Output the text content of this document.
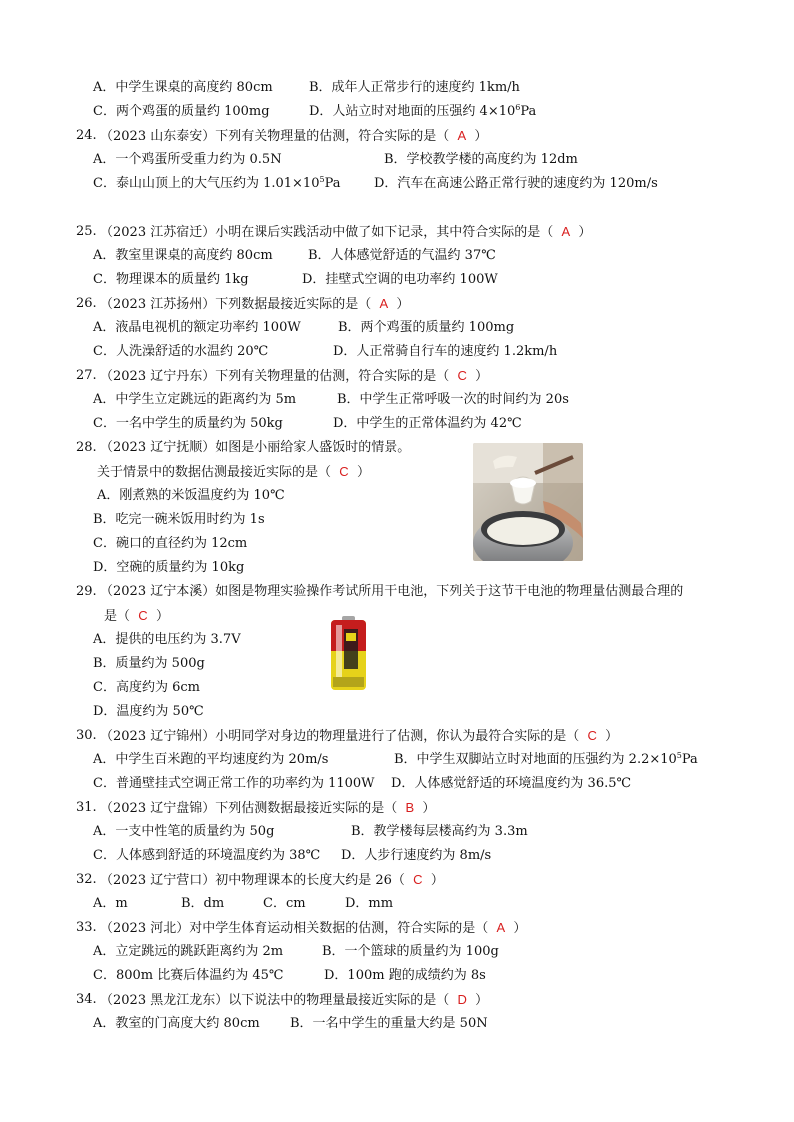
A．中学生课桌的高度约 80cm	B．成年人正常步行的速度约 1km/h
C．两个鸡蛋的质量约 100mg	D．人站立时对地面的压强约 $4\times 10^6Pa$
24. （2023 山东泰安）下列有关物理量的估测，符合实际的是（ A ）
A．一个鸡蛋所受重力约为 0.5N	B．学校教学楼的高度约为 12dm
C．泰山山顶上的大气压约为 $1.01\times 10^5Pa$	D．汽车在高速公路正常行驶的速度约为 120m/s
25. （2023 江苏宿迁）小明在课后实践活动中做了如下记录，其中符合实际的是（ A ）
A．教室里课桌的高度约 80cm	B．人体感觉舒适的气温约 37℃
C．物理课本的质量约 1kg	D．挂壁式空调的电功率约 100W
26. （2023 江苏扬州）下列数据最接近实际的是（ A ）
A．液晶电视机的额定功率约 100W	B．两个鸡蛋的质量约 100mg
C．人洗澡舒适的水温约 20℃	D．人正常骑自行车的速度约 1.2km/h
27. （2023 辽宁丹东）下列有关物理量的估测，符合实际的是（ C ）
A．中学生立定跳远的距离约为 5m	B．中学生正常呼吸一次的时间约为 20s
C．一名中学生的质量约为 50kg	D．中学生的正常体温约为 42℃
28. （2023 辽宁抚顺）如图是小丽给家人盛饭时的情景。
关于情景中的数据估测最接近实际的是（ C ）
A．刚煮熟的米饭温度约为 10℃
B．吃完一碗米饭用时约为 1s
C．碗口的直径约为 12cm
D．空碗的质量约为 10kg
29. （2023 辽宁本溪）如图是物理实验操作考试所用干电池，下列关于这节干电池的物理量估测最合理的
是（ C ）
A．提供的电压约为 3.7V
B．质量约为 500g
C．高度约为 6cm
D．温度约为 50℃
30. （2023 辽宁锦州）小明同学对身边的物理量进行了估测，你认为最符合实际的是（ C ）
A．中学生百米跑的平均速度约为 20m/s	B．中学生双脚站立时对地面的压强约为 $2.2\times 10^5Pa$
C．普通壁挂式空调正常工作的功率约为 1100W D．人体感觉舒适的环境温度约为 36.5℃
31. （2023 辽宁盘锦）下列估测数据最接近实际的是（ B ）
A．一支中性笔的质量约为 50g	B．教学楼每层楼高约为 3.3m
C．人体感到舒适的环境温度约为 38℃ D．人步行速度约为 8m/s
32. （2023 辽宁营口）初中物理课本的长度大约是 26（ C ）
A．m	B．dm	C．cm	D．mm
33. （2023 河北）对中学生体育运动相关数据的估测，符合实际的是（ A ）
A．立定跳远的跳跃距离约为 2m	B．一个篮球的质量约为 100g
C．800m 比赛后体温约为 45℃	D．100m 跑的成绩约为 8s
34. （2023 黑龙江龙东）以下说法中的物理量最接近实际的是（ D ）
A．教室的门高度大约 80cm B．一名中学生的重量大约是 50N
